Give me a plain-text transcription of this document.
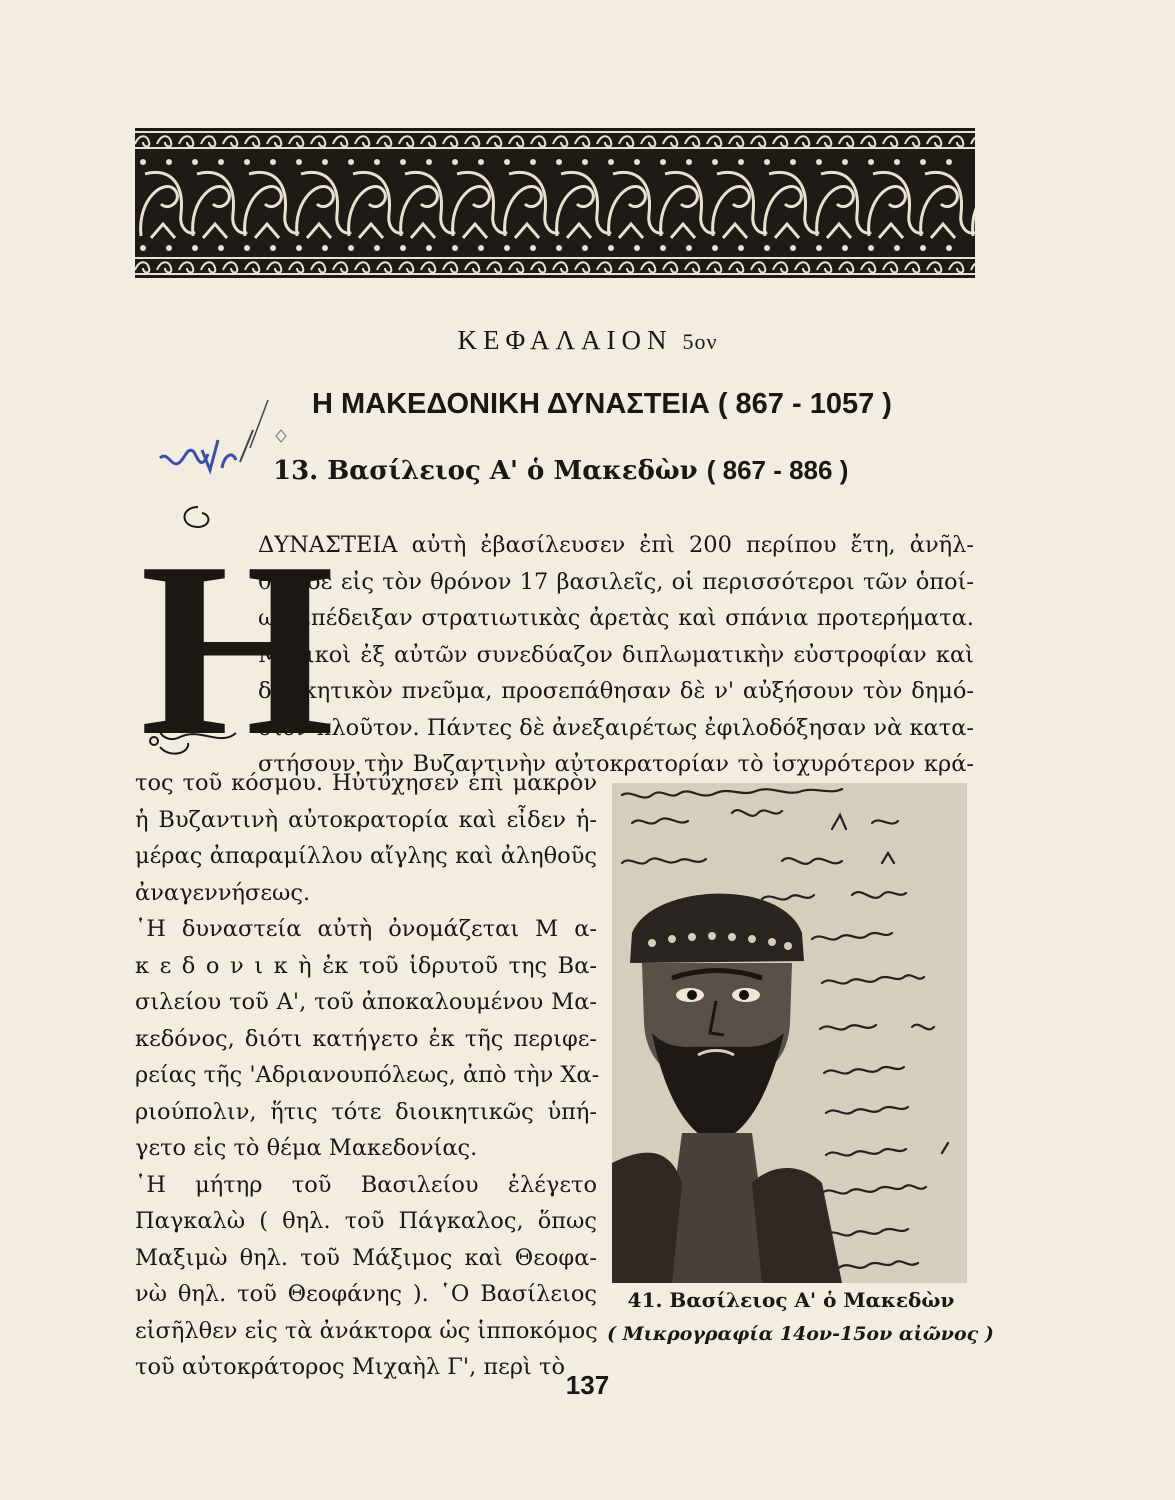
ΚΕΦΑΛΑΙΟΝ 5ον
Η ΜΑΚΕΔΟΝΙΚΗ ΔΥΝΑΣΤΕΙΑ ( 867 - 1057 )
13. Βασίλειος Α' ὁ Μακεδὼν ( 867 - 886 )
Η
ΔΥΝΑΣΤΕΙΑ αὐτὴ ἐβασίλευσεν ἐπὶ 200 περίπου ἔτη, ἀνῆλ-
θον δὲ εἰς τὸν θρόνον 17 βασιλεῖς, οἱ περισσότεροι τῶν ὁποί-
ων ἐπέδειξαν στρατιωτικὰς ἀρετὰς καὶ σπάνια προτερήματα.
Μερικοὶ ἐξ αὐτῶν συνεδύαζον διπλωματικὴν εὐστροφίαν καὶ
διοικητικὸν πνεῦμα, προσεπάθησαν δὲ ν' αὐξήσουν τὸν δημό-
σιον πλοῦτον. Πάντες δὲ ἀνεξαιρέτως ἐφιλοδόξησαν νὰ κατα-
στήσουν τὴν Βυζαντινὴν αὐτοκρατορίαν τὸ ἰσχυρότερον κρά-
τος τοῦ κόσμου. Ηὐτύχησεν ἐπὶ μακρὸν
ἡ Βυζαντινὴ αὐτοκρατορία καὶ εἶδεν ἡ-
μέρας ἀπαραμίλλου αἴγλης καὶ ἀληθοῦς
ἀναγεννήσεως.
῾Η δυναστεία αὐτὴ ὀνομάζεται Μ α-
κ ε δ ο ν ι κ ὴ ἐκ τοῦ ἱδρυτοῦ της Βα-
σιλείου τοῦ Α', τοῦ ἀποκαλουμένου Μα-
κεδόνος, διότι κατήγετο ἐκ τῆς περιφε-
ρείας τῆς 'Αδριανουπόλεως, ἀπὸ τὴν Χα-
ριούπολιν, ἥτις τότε διοικητικῶς ὑπή-
γετο εἰς τὸ θέμα Μακεδονίας.
῾Η μήτηρ τοῦ Βασιλείου ἐλέγετο
Παγκαλὼ ( θηλ. τοῦ Πάγκαλος, ὅπως
Μαξιμὼ θηλ. τοῦ Μάξιμος καὶ Θεοφα-
νὼ θηλ. τοῦ Θεοφάνης ). ῾Ο Βασίλειος
εἰσῆλθεν εἰς τὰ ἀνάκτορα ὡς ἱπποκόμος
τοῦ αὐτοκράτορος Μιχαὴλ Γ', περὶ τὸ
41. Βασίλειος Α' ὁ Μακεδὼν
( Μικρογραφία 14ον-15ον αἰῶνος )
137
